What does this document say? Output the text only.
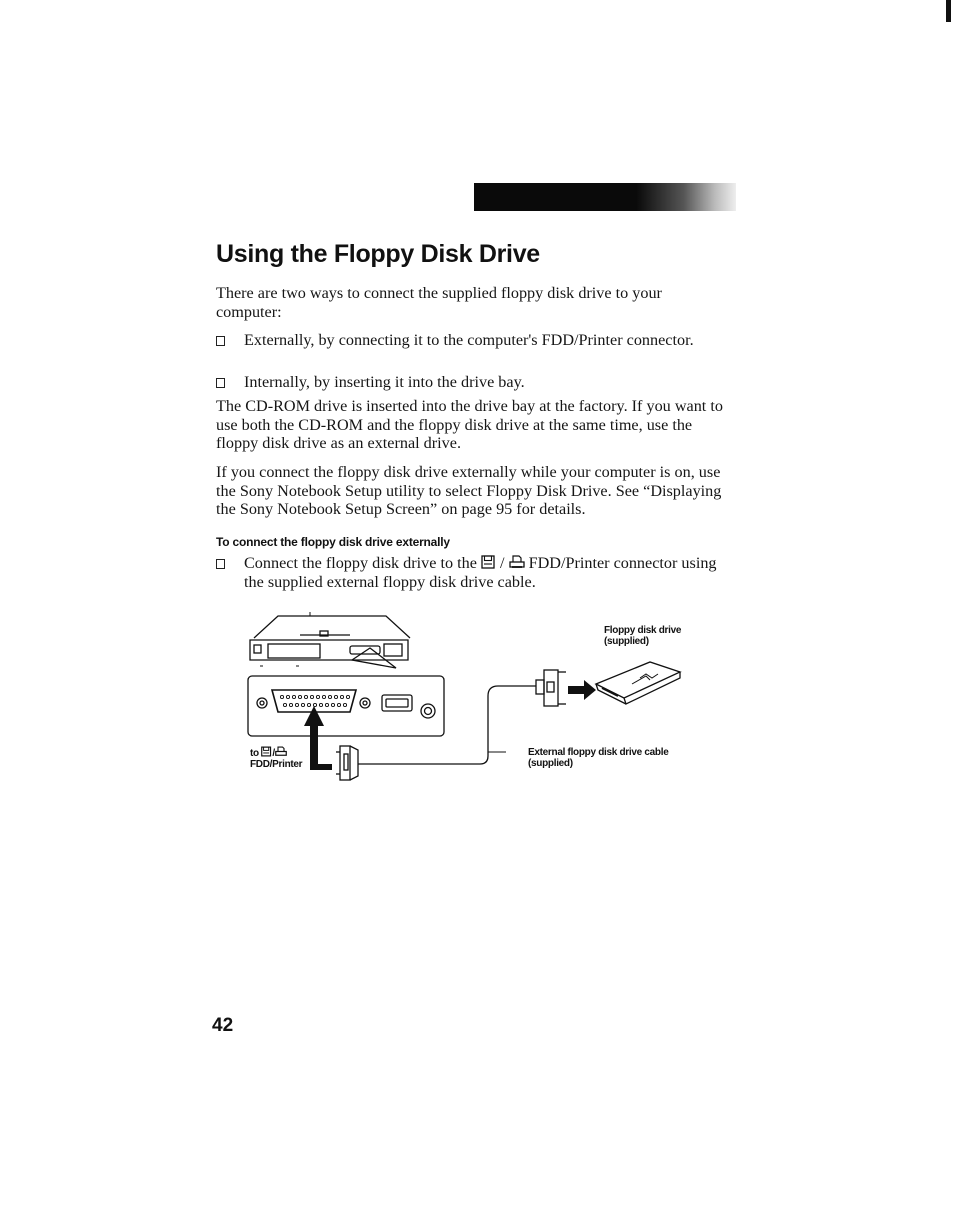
Using the Floppy Disk Drive

There are two ways to connect the supplied floppy disk drive to your computer:

Externally, by connecting it to the computer's FDD/Printer connector.
Internally, by inserting it into the drive bay.

The CD-ROM drive is inserted into the drive bay at the factory. If you want to use both the CD-ROM and the floppy disk drive at the same time, use the floppy disk drive as an external drive.

If you connect the floppy disk drive externally while your computer is on, use the Sony Notebook Setup utility to select Floppy Disk Drive. See “Displaying the Sony Notebook Setup Screen” on page 95 for details.

To connect the floppy disk drive externally
Connect the floppy disk drive to the / FDD/Printer connector using the supplied external floppy disk drive cable.

Floppy disk drive
(supplied)

External floppy disk drive cable
(supplied)

to /
FDD/Printer

42
